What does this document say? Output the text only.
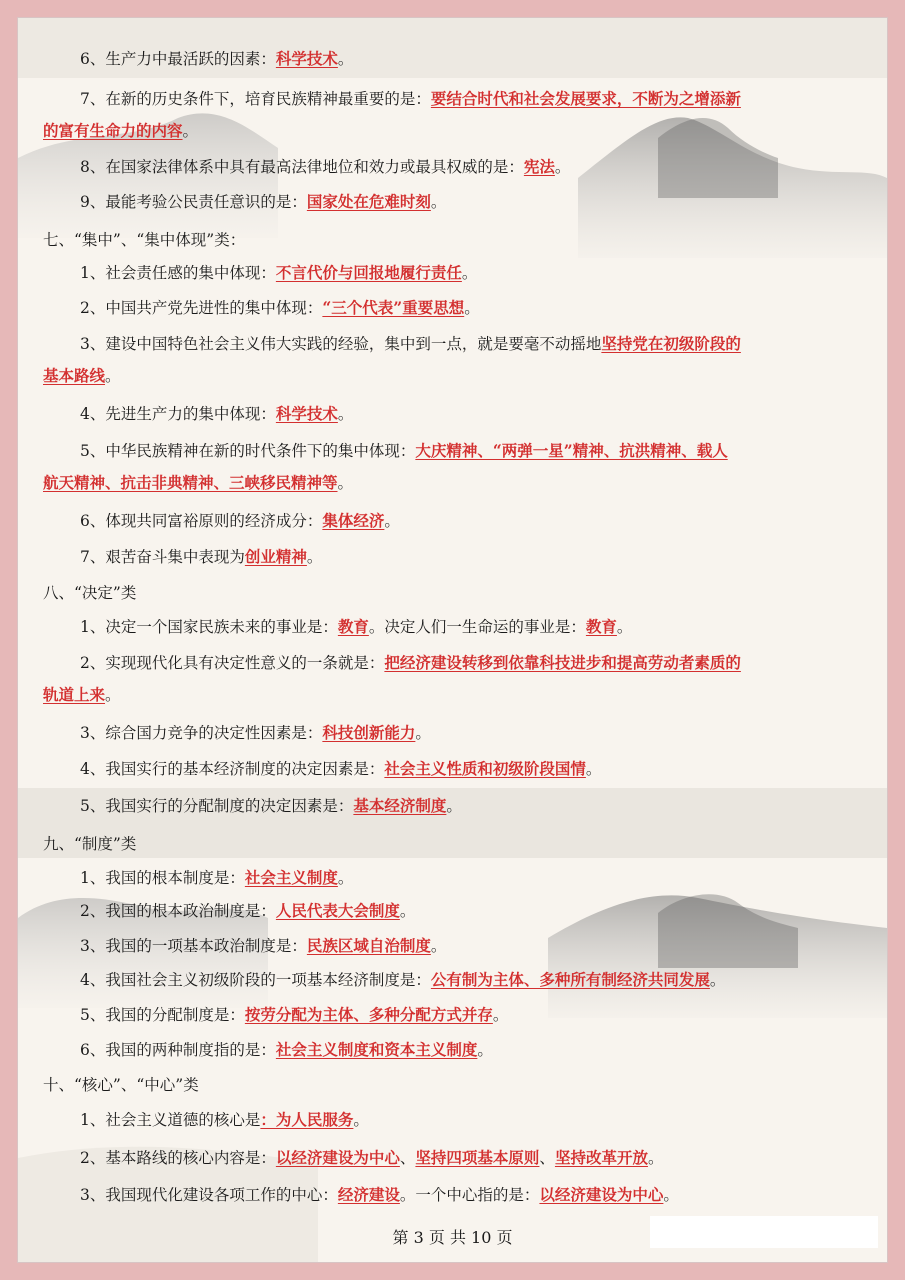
6、生产力中最活跃的因素：科学技术。
7、在新的历史条件下，培育民族精神最重要的是：要结合时代和社会发展要求，不断为之增添新
的富有生命力的内容。
8、在国家法律体系中具有最高法律地位和效力或最具权威的是：宪法。
9、最能考验公民责任意识的是：国家处在危难时刻。
七、“集中”、“集中体现”类：
1、社会责任感的集中体现：不言代价与回报地履行责任。
2、中国共产党先进性的集中体现：“三个代表”重要思想。
3、建设中国特色社会主义伟大实践的经验，集中到一点，就是要毫不动摇地坚持党在初级阶段的
基本路线。
4、先进生产力的集中体现：科学技术。
5、中华民族精神在新的时代条件下的集中体现：大庆精神、“两弹一星”精神、抗洪精神、载人
航天精神、抗击非典精神、三峡移民精神等。
6、体现共同富裕原则的经济成分：集体经济。
7、艰苦奋斗集中表现为创业精神。
八、“决定”类
1、决定一个国家民族未来的事业是：教育。决定人们一生命运的事业是：教育。
2、实现现代化具有决定性意义的一条就是：把经济建设转移到依靠科技进步和提高劳动者素质的
轨道上来。
3、综合国力竞争的决定性因素是：科技创新能力。
4、我国实行的基本经济制度的决定因素是：社会主义性质和初级阶段国情。
5、我国实行的分配制度的决定因素是：基本经济制度。
九、“制度”类
1、我国的根本制度是：社会主义制度。
2、我国的根本政治制度是：人民代表大会制度。
3、我国的一项基本政治制度是：民族区域自治制度。
4、我国社会主义初级阶段的一项基本经济制度是：公有制为主体、多种所有制经济共同发展。
5、我国的分配制度是：按劳分配为主体、多种分配方式并存。
6、我国的两种制度指的是：社会主义制度和资本主义制度。
十、“核心”、“中心”类
1、社会主义道德的核心是：为人民服务。
2、基本路线的核心内容是：以经济建设为中心、坚持四项基本原则、坚持改革开放。
3、我国现代化建设各项工作的中心：经济建设。一个中心指的是：以经济建设为中心。
第 3 页 共 10 页
